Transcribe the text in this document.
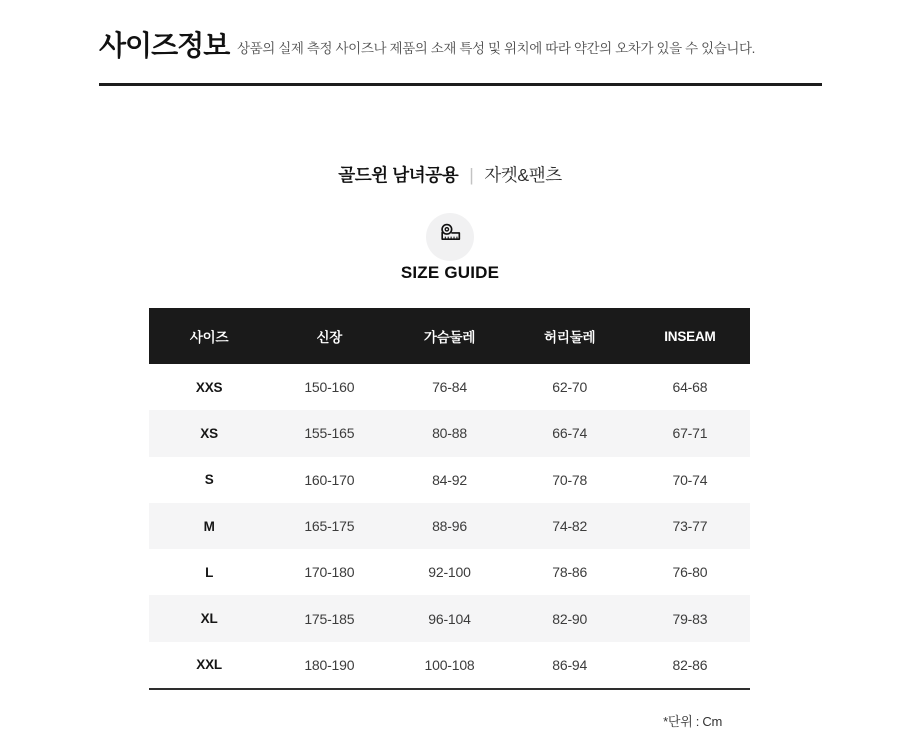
사이즈정보 상품의 실제 측정 사이즈나 제품의 소재 특성 및 위치에 따라 약간의 오차가 있을 수 있습니다.
골드윈 남녀공용 | 자켓&팬츠
SIZE GUIDE
사이즈	신장	가슴둘레	허리둘레	INSEAM
XXS	150-160	76-84	62-70	64-68
XS	155-165	80-88	66-74	67-71
S	160-170	84-92	70-78	70-74
M	165-175	88-96	74-82	73-77
L	170-180	92-100	78-86	76-80
XL	175-185	96-104	82-90	79-83
XXL	180-190	100-108	86-94	82-86
*단위 : Cm
